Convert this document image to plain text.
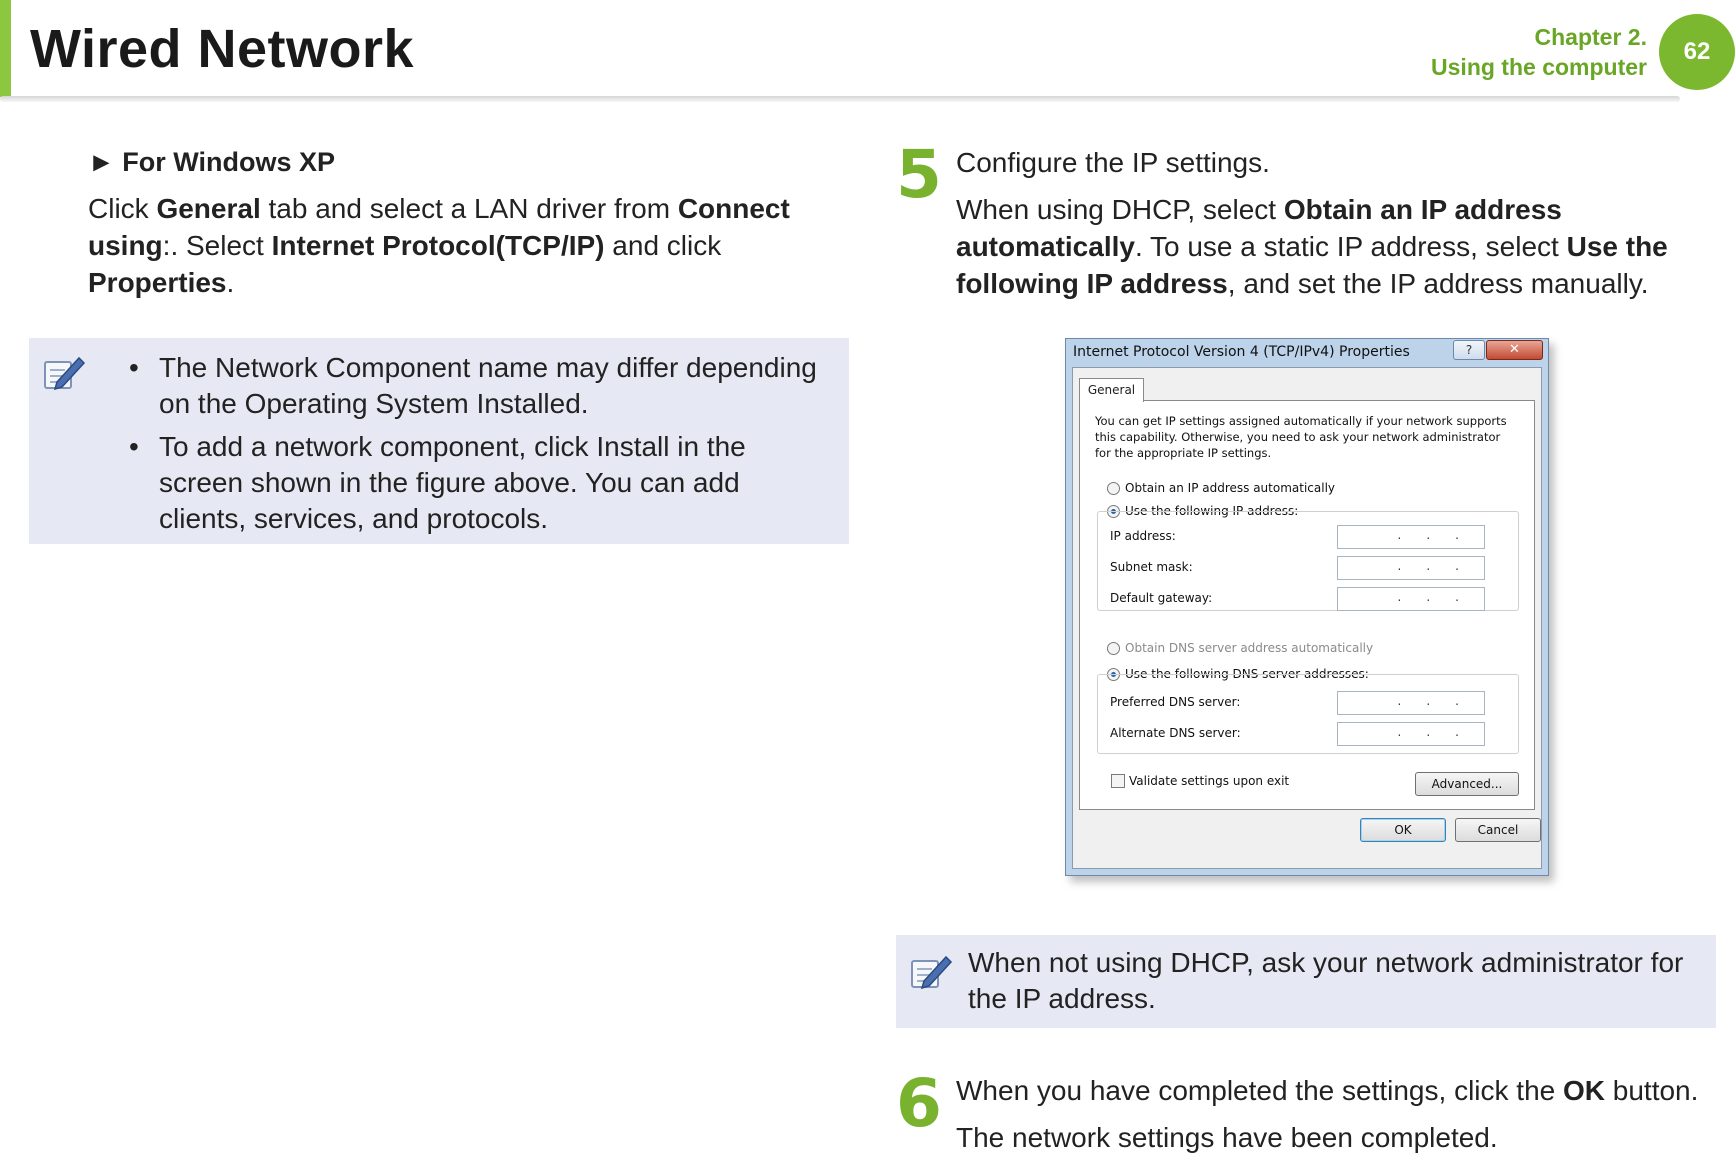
Wired Network	Chapter 2.
Using the computer
62

► For Windows XP

Click General tab and select a LAN driver from Connect using:. Select Internet Protocol(TCP/IP) and click Properties.

• The Network Component name may differ depending on the Operating System Installed.
• To add a network component, click Install in the screen shown in the figure above. You can add clients, services, and protocols.
5 Configure the IP settings.

When using DHCP, select Obtain an IP address automatically. To use a static IP address, select Use the following IP address, and set the IP address manually.

Internet Protocol Version 4 (TCP/IPv4) Properties	?	✕
General
You can get IP settings assigned automatically if your network supports this capability. Otherwise, you need to ask your network administrator for the appropriate IP settings.
Obtain an IP address automatically
Use the following IP address:
IP address:	...
Subnet mask:	...
Default gateway:	...
Obtain DNS server address automatically
Use the following DNS server addresses:
Preferred DNS server:	...
Alternate DNS server:	...
Validate settings upon exit	Advanced...
OK	Cancel

When not using DHCP, ask your network administrator for the IP address.

6 When you have completed the settings, click the OK button.

The network settings have been completed.
